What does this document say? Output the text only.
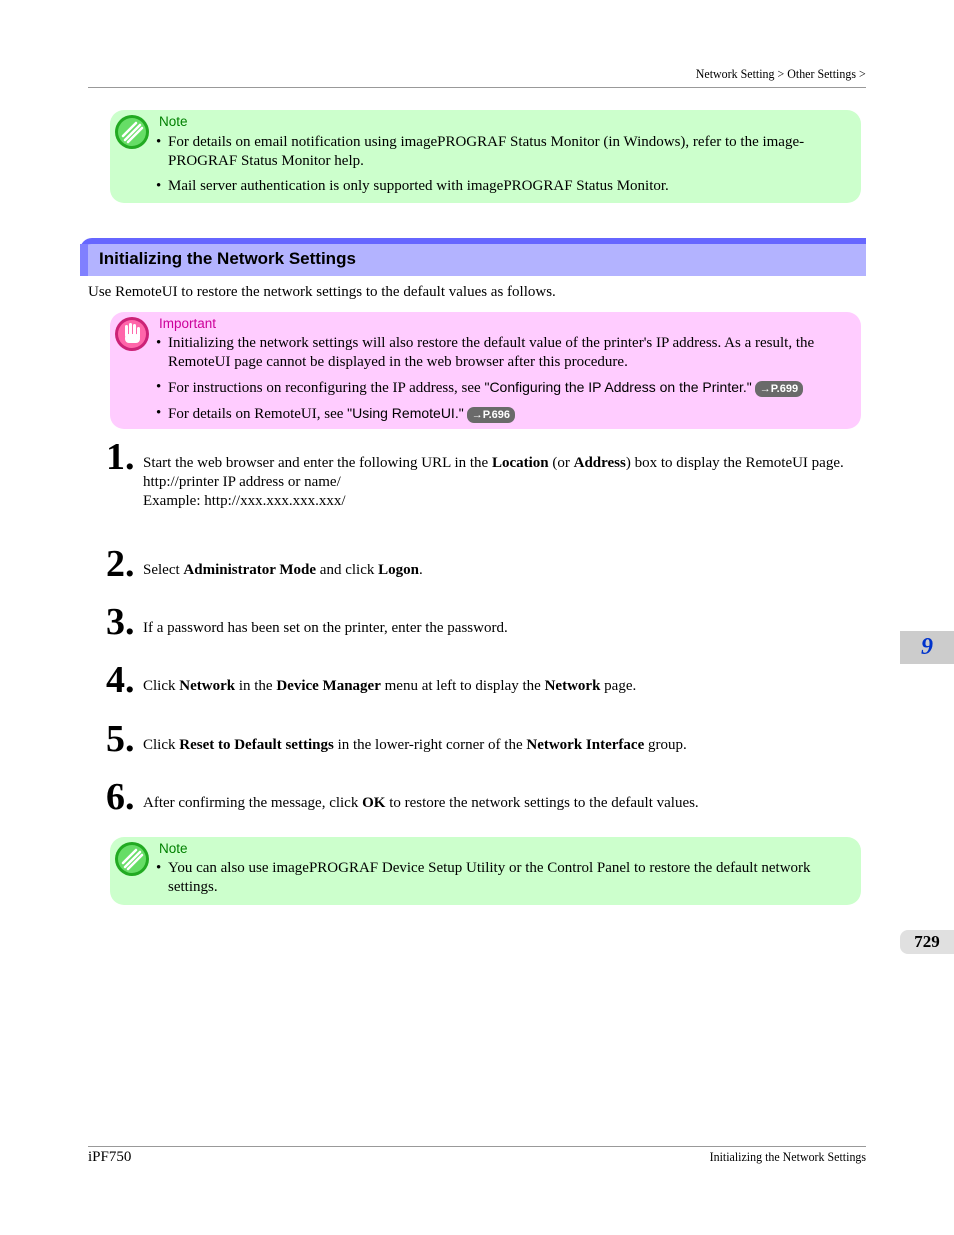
Network Setting > Other Settings >
Note
• For details on email notification using imagePROGRAF Status Monitor (in Windows), refer to the image-PROGRAF Status Monitor help.
• Mail server authentication is only supported with imagePROGRAF Status Monitor.
Initializing the Network Settings
Use RemoteUI to restore the network settings to the default values as follows.
Important
• Initializing the network settings will also restore the default value of the printer's IP address. As a result, the RemoteUI page cannot be displayed in the web browser after this procedure.
• For instructions on reconfiguring the IP address, see "Configuring the IP Address on the Printer." →P.699
• For details on RemoteUI, see "Using RemoteUI." →P.696
1. Start the web browser and enter the following URL in the Location (or Address) box to display the RemoteUI page.
http://printer IP address or name/
Example: http://xxx.xxx.xxx.xxx/
2. Select Administrator Mode and click Logon.
3. If a password has been set on the printer, enter the password.
4. Click Network in the Device Manager menu at left to display the Network page.
5. Click Reset to Default settings in the lower-right corner of the Network Interface group.
6. After confirming the message, click OK to restore the network settings to the default values.
Note
• You can also use imagePROGRAF Device Setup Utility or the Control Panel to restore the default network settings.
9
729
iPF750	Initializing the Network Settings
